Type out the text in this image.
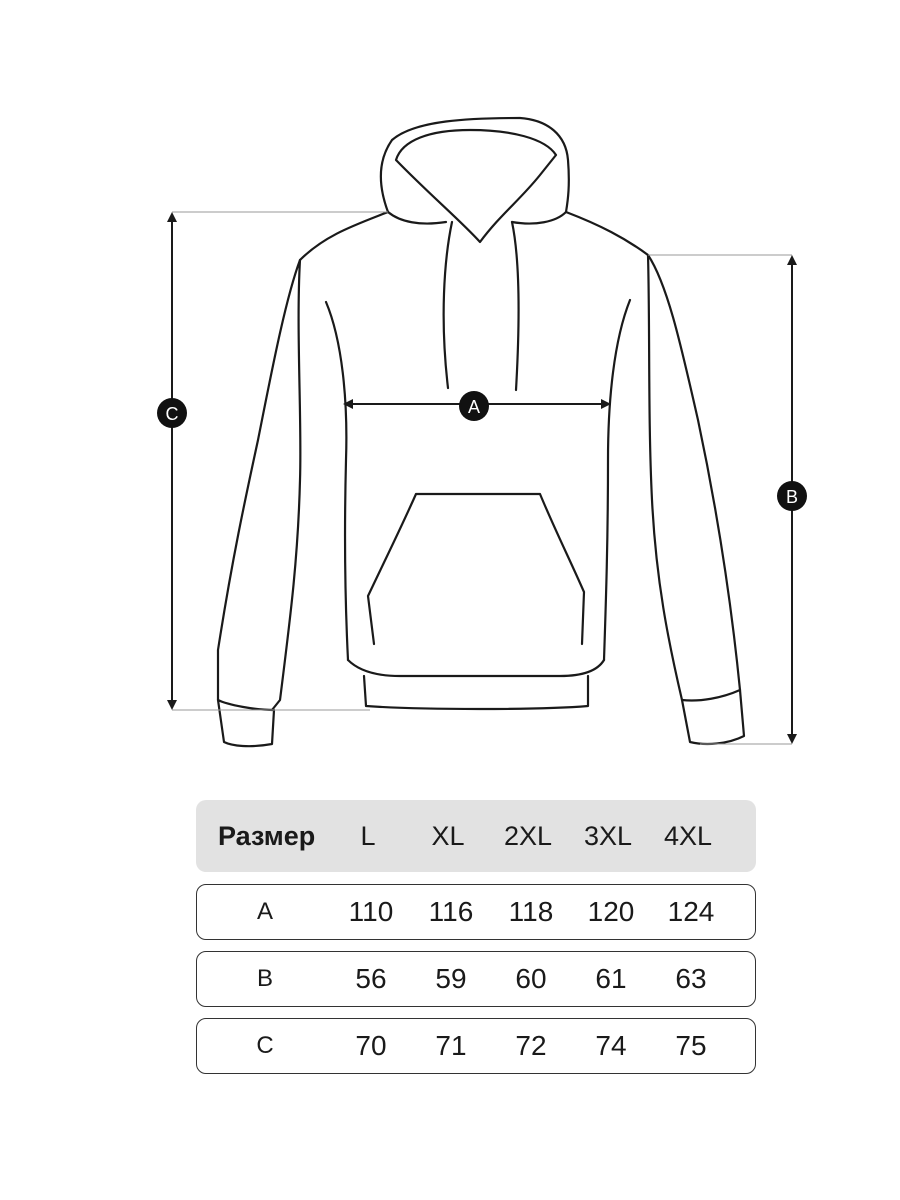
C
B
A
Размер	L	XL	2XL	3XL	4XL
A	110	116	118	120	124
B	56	59	60	61	63
C	70	71	72	74	75
